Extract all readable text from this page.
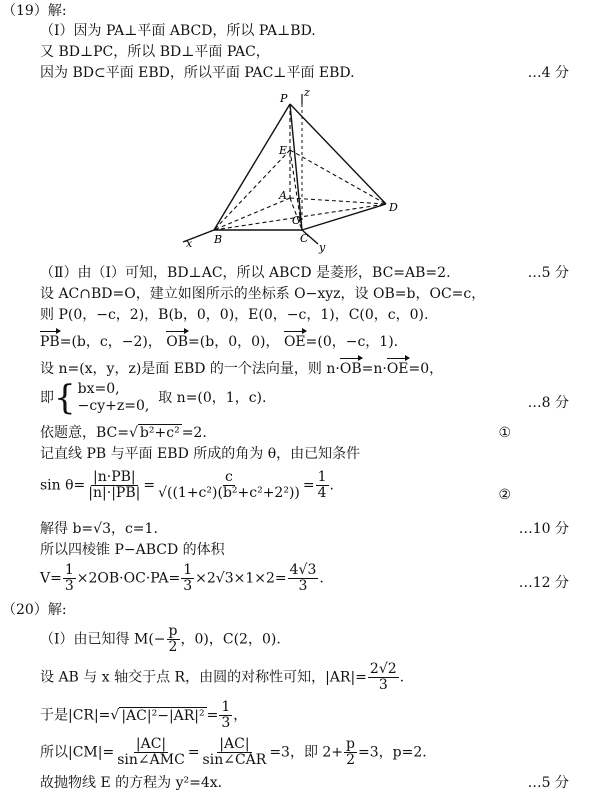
（19）解:
（Ⅰ）因为 PA⊥平面 ABCD，所以 PA⊥BD.
又 BD⊥PC，所以 BD⊥平面 PAC，
因为 BD⊂平面 EBD，所以平面 PAC⊥平面 EBD.	…4 分
P z
E
A
D
O
B	C
x	y
（Ⅱ）由（Ⅰ）可知，BD⊥AC，所以 ABCD 是菱形，BC=AB=2.	…5 分
设 AC∩BD=O，建立如图所示的坐标系 O−xyz，设 OB=b，OC=c，
则 P(0，−c，2)，B(b，0，0)，E(0，−c，1)，C(0，c，0).
PB=(b，c，−2)， OB=(b，0，0)， OE=(0，−c，1).
设 n=(x，y，z)是面 EBD 的一个法向量，则 n·OB=n·OE=0，
即{ bx=0,
−cy+z=0, 取 n=(0，1，c).	…8 分
依题意，BC=√ b²+c² =2.	①
记直线 PB 与平面 EBD 所成的角为 θ，由已知条件
$\sin \theta= \frac{|n\cdot PB|}{|n|\cdot|PB|} = \frac{c}{\text{√((1+c²)(b²+c²+2²))}} = \frac{1}{4}$ .
②
解得 b=√3，c=1.	…10 分
所以四棱锥 P−ABCD 的体积
$V= \frac{1}{3} \times 2OB\cdot OC\cdot PA= \frac{1}{3} \times 2√3\times 1\times 2= \frac{4√3}{3}$ .	…12 分
（20）解:
（Ⅰ）由已知得 $M(- \frac{p}{2}$ ，0)，C(2，0).
设 AB 与 x 轴交于点 R，由圆的对称性可知，$|AR|= \frac{2√2}{3}$ .
于是|CR|=√ $|AC|^2-|AR|^2 = \frac{1}{3}$ ，
所以$|CM|= \frac{|AC|}{\text{sin∠AMC}} = \frac{|AC|}{\text{sin∠CAR}} =3$，即 $2+ \frac{p}{2} =3$，p=2.
故抛物线 E 的方程为 y²=4x.	…5 分
